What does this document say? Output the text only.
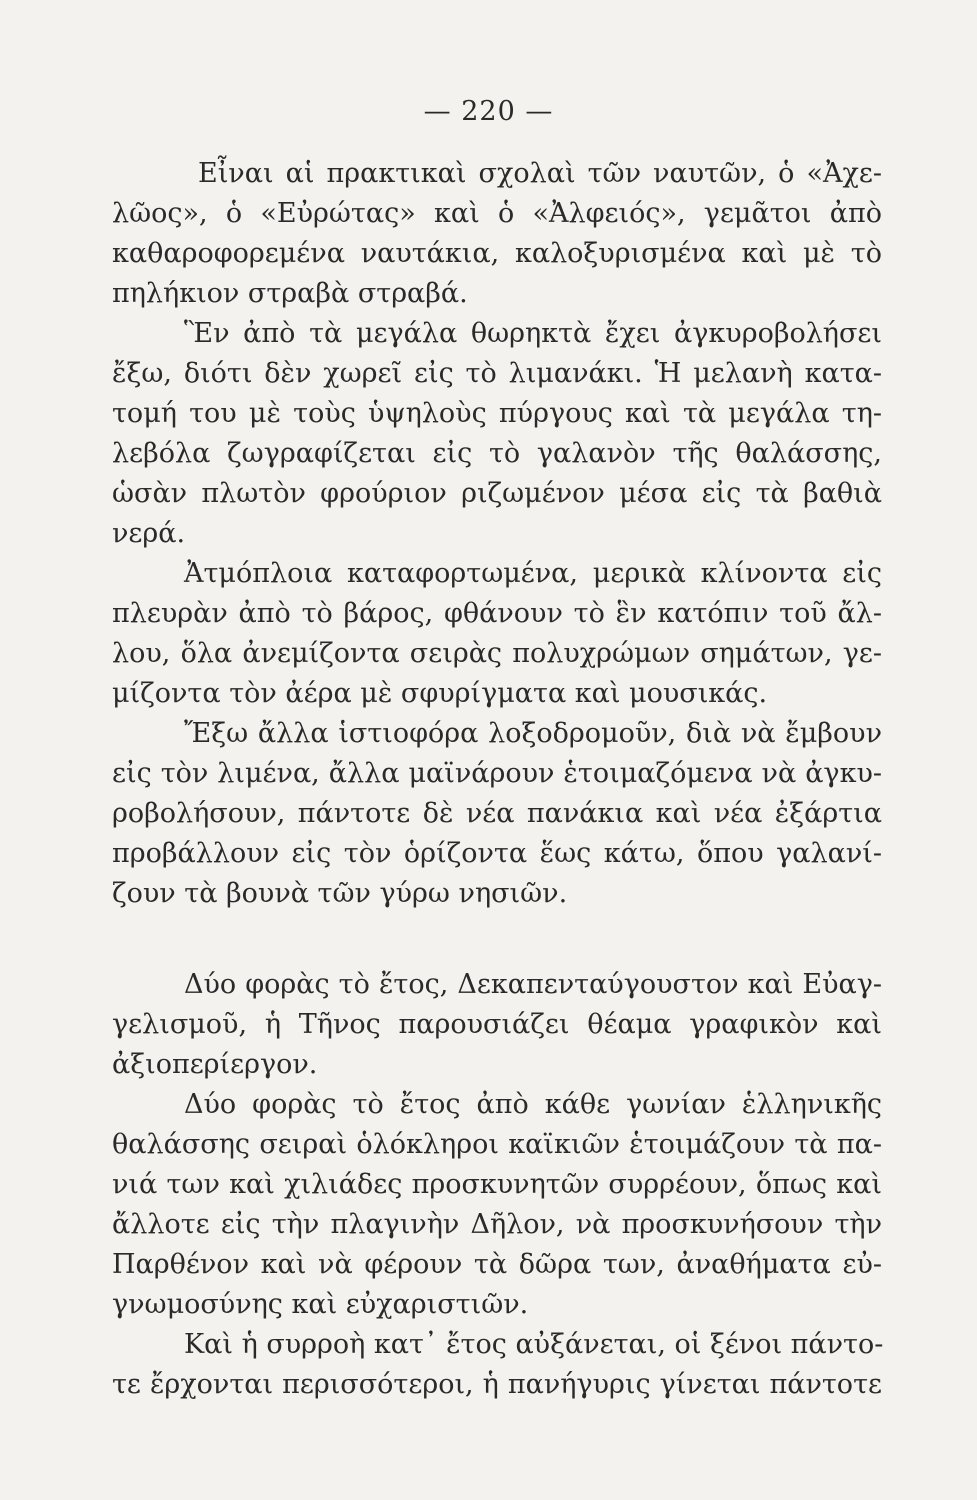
— 220 —
Εἶναι αἱ πρακτικαὶ σχολαὶ τῶν ναυτῶν, ὁ «Ἀχε-
λῶος», ὁ «Εὐρώτας» καὶ ὁ «Ἀλφειός», γεμᾶτοι ἀπὸ
καθαροφορεμένα ναυτάκια, καλοξυρισμένα καὶ μὲ τὸ
πηλήκιον στραβὰ στραβά.
Ἓν ἀπὸ τὰ μεγάλα θωρηκτὰ ἔχει ἀγκυροβολήσει
ἔξω, διότι δὲν χωρεῖ εἰς τὸ λιμανάκι. Ἡ μελανὴ κατα-
τομή του μὲ τοὺς ὑψηλοὺς πύργους καὶ τὰ μεγάλα τη-
λεβόλα ζωγραφίζεται εἰς τὸ γαλανὸν τῆς θαλάσσης,
ὡσὰν πλωτὸν φρούριον ριζωμένον μέσα εἰς τὰ βαθιὰ
νερά.
Ἀτμόπλοια καταφορτωμένα, μερικὰ κλίνοντα εἰς
πλευρὰν ἀπὸ τὸ βάρος, φθάνουν τὸ ἓν κατόπιν τοῦ ἄλ-
λου, ὅλα ἀνεμίζοντα σειρὰς πολυχρώμων σημάτων, γε-
μίζοντα τὸν ἀέρα μὲ σφυρίγματα καὶ μουσικάς.
Ἔξω ἄλλα ἱστιοφόρα λοξοδρομοῦν, διὰ νὰ ἔμβουν
εἰς τὸν λιμένα, ἄλλα μαϊνάρουν ἑτοιμαζόμενα νὰ ἀγκυ-
ροβολήσουν, πάντοτε δὲ νέα πανάκια καὶ νέα ἐξάρτια
προβάλλουν εἰς τὸν ὁρίζοντα ἕως κάτω, ὅπου γαλανί-
ζουν τὰ βουνὰ τῶν γύρω νησιῶν.
Δύο φορὰς τὸ ἔτος, Δεκαπενταύγουστον καὶ Εὐαγ-
γελισμοῦ, ἡ Τῆνος παρουσιάζει θέαμα γραφικὸν καὶ
ἀξιοπερίεργον.
Δύο φορὰς τὸ ἔτος ἀπὸ κάθε γωνίαν ἑλληνικῆς
θαλάσσης σειραὶ ὁλόκληροι καϊκιῶν ἑτοιμάζουν τὰ πα-
νιά των καὶ χιλιάδες προσκυνητῶν συρρέουν, ὅπως καὶ
ἄλλοτε εἰς τὴν πλαγινὴν Δῆλον, νὰ προσκυνήσουν τὴν
Παρθένον καὶ νὰ φέρουν τὰ δῶρα των, ἀναθήματα εὐ-
γνωμοσύνης καὶ εὐχαριστιῶν.
Καὶ ἡ συρροὴ κατ᾽ ἔτος αὐξάνεται, οἱ ξένοι πάντο-
τε ἔρχονται περισσότεροι, ἡ πανήγυρις γίνεται πάντοτε
